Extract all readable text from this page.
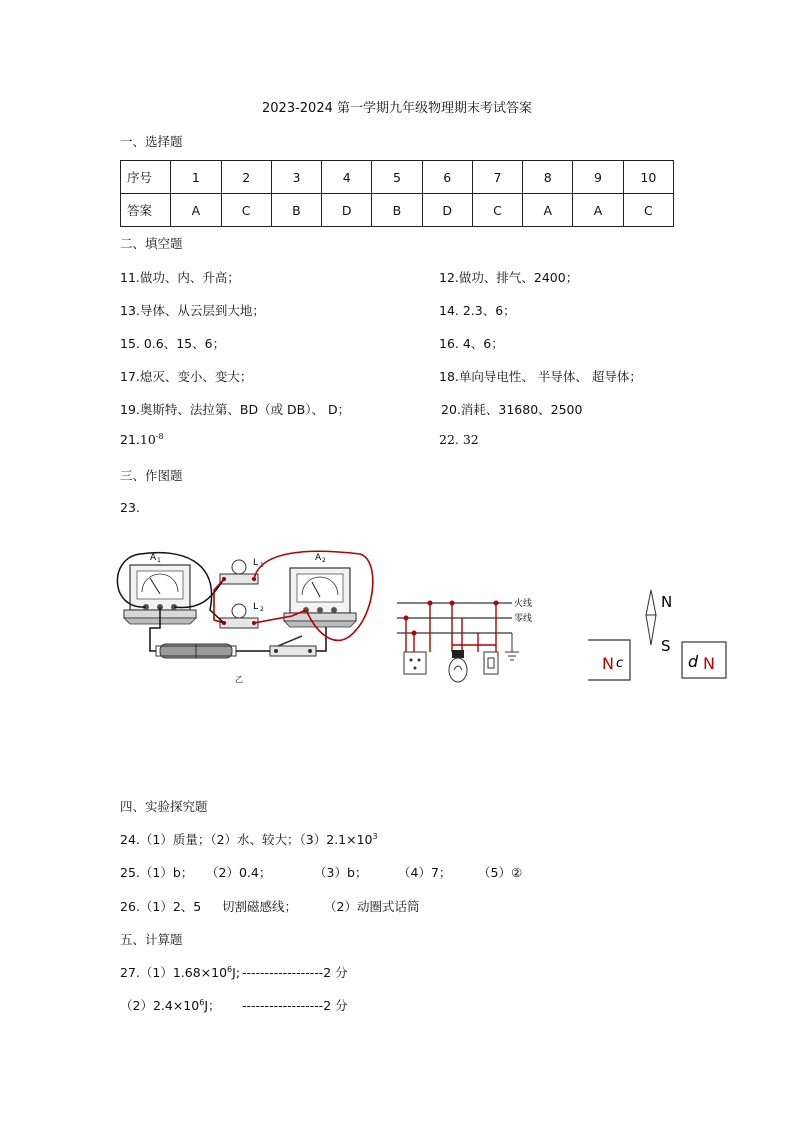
2023-2024 第一学期九年级物理期末考试答案
一、选择题
序号	1	2	3	4	5	6	7	8	9	10
答案	A	C	B	D	B	D	C	A	A	C
二、填空题
11.做功、内、升高；	12.做功、排气、2400；
13.导体、从云层到大地；	14. 2.3、6；
15. 0.6、15、6；	16. 4、6；
17.熄灭、变小、变大；	18.单向导电性、 半导体、 超导体；
19.奥斯特、法拉第、BD（或 DB）、 D；	20.消耗、31680、2500
$21.10^{-8}$	22. 32
三、作图题
23.
A 1	A 2
L 1
L 2
乙
火线
零线
N
S
N c	d N
四、实验探究题
24.（1）质量；（2）水、较大；$(3)2.1\times 10^3$
25.（1）b； （2）0.4；	（3）b； （4）7； （5）②
26.（1）2、5 切割磁感线； （2）动圈式话筒
五、计算题
$27.(1)1.68\times 10^6J$; ------------------2 分
$(2)2.4\times 10^6J$； ------------------2 分
